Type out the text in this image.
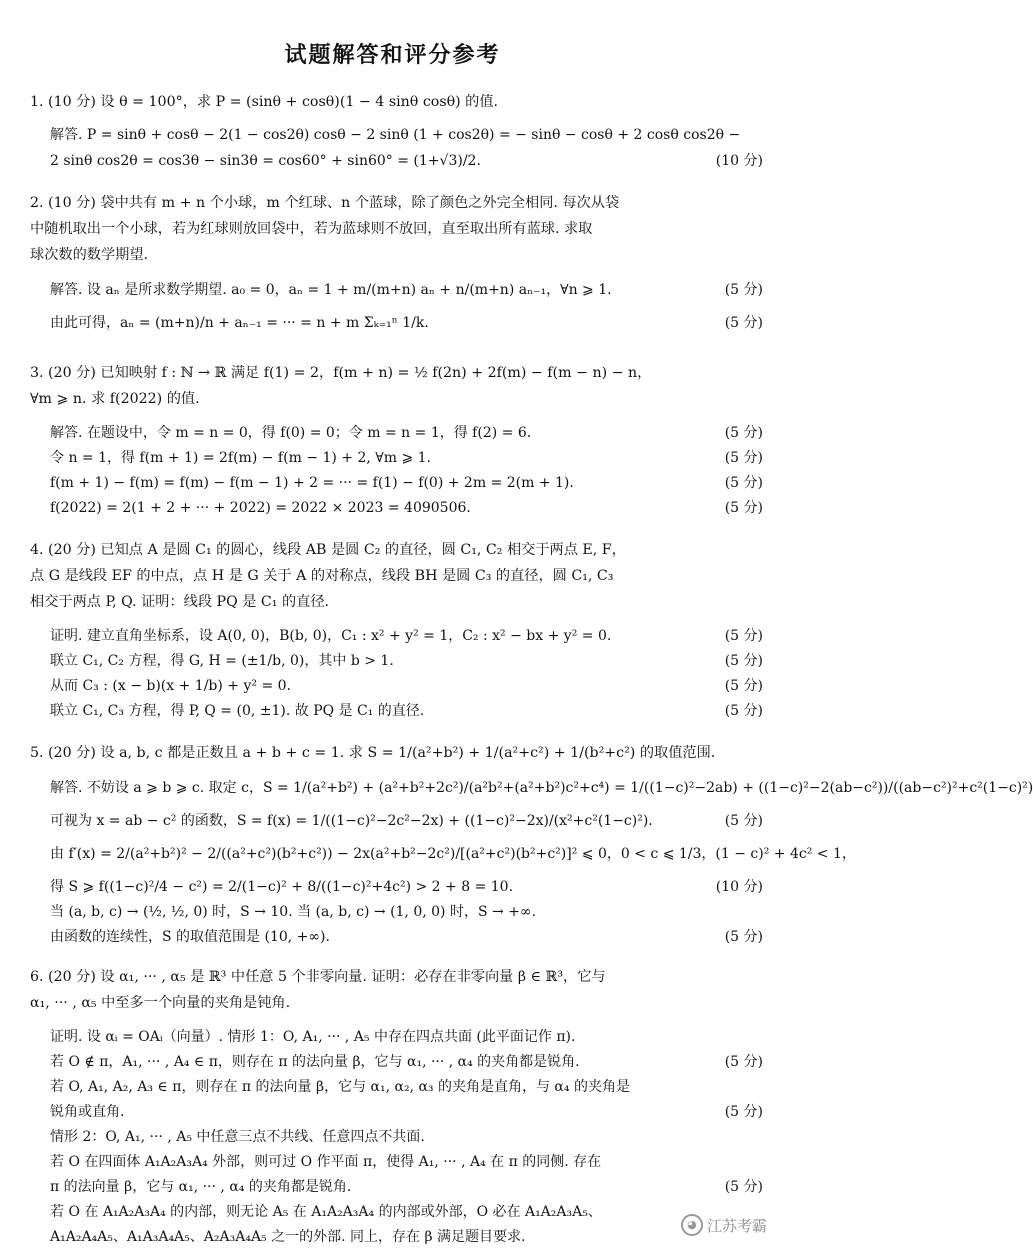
试题解答和评分参考
1. (10 分) 设 θ = 100°，求 P = (sinθ + cosθ)(1 − 4 sinθ cosθ) 的值.
解答. P = sinθ + cosθ − 2(1 − cos2θ) cosθ − 2 sinθ (1 + cos2θ) = − sinθ − cosθ + 2 cosθ cos2θ −
2 sinθ cos2θ = cos3θ − sin3θ = cos60° + sin60° = (1+√3)/2.	(10 分)
2. (10 分) 袋中共有 m + n 个小球，m 个红球、n 个蓝球，除了颜色之外完全相同. 每次从袋
中随机取出一个小球，若为红球则放回袋中，若为蓝球则不放回，直至取出所有蓝球. 求取
球次数的数学期望.
解答. 设 aₙ 是所求数学期望. a₀ = 0，aₙ = 1 + m/(m+n) aₙ + n/(m+n) aₙ₋₁，∀n ⩾ 1.	(5 分)
由此可得，aₙ = (m+n)/n + aₙ₋₁ = ··· = n + m Σₖ₌₁ⁿ 1/k.	(5 分)
3. (20 分) 已知映射 f : ℕ → ℝ 满足 f(1) = 2，f(m + n) = ½ f(2n) + 2f(m) − f(m − n) − n，
∀m ⩾ n. 求 f(2022) 的值.
解答. 在题设中，令 m = n = 0，得 f(0) = 0；令 m = n = 1，得 f(2) = 6.	(5 分)
令 n = 1，得 f(m + 1) = 2f(m) − f(m − 1) + 2, ∀m ⩾ 1.	(5 分)
f(m + 1) − f(m) = f(m) − f(m − 1) + 2 = ··· = f(1) − f(0) + 2m = 2(m + 1).	(5 分)
f(2022) = 2(1 + 2 + ··· + 2022) = 2022 × 2023 = 4090506.	(5 分)
4. (20 分) 已知点 A 是圆 C₁ 的圆心，线段 AB 是圆 C₂ 的直径，圆 C₁, C₂ 相交于两点 E, F，
点 G 是线段 EF 的中点，点 H 是 G 关于 A 的对称点，线段 BH 是圆 C₃ 的直径，圆 C₁, C₃
相交于两点 P, Q. 证明：线段 PQ 是 C₁ 的直径.
证明. 建立直角坐标系，设 A(0, 0)，B(b, 0)，C₁ : x² + y² = 1，C₂ : x² − bx + y² = 0.	(5 分)
联立 C₁, C₂ 方程，得 G, H = (±1/b, 0)，其中 b > 1.	(5 分)
从而 C₃ : (x − b)(x + 1/b) + y² = 0.	(5 分)
联立 C₁, C₃ 方程，得 P, Q = (0, ±1). 故 PQ 是 C₁ 的直径.	(5 分)
5. (20 分) 设 a, b, c 都是正数且 a + b + c = 1. 求 S = 1/(a²+b²) + 1/(a²+c²) + 1/(b²+c²) 的取值范围.
解答. 不妨设 a ⩾ b ⩾ c. 取定 c，S = 1/(a²+b²) + (a²+b²+2c²)/(a²b²+(a²+b²)c²+c⁴) = 1/((1−c)²−2ab) + ((1−c)²−2(ab−c²))/((ab−c²)²+c²(1−c)²)
可视为 x = ab − c² 的函数，S = f(x) = 1/((1−c)²−2c²−2x) + ((1−c)²−2x)/(x²+c²(1−c)²).	(5 分)
由 f′(x) = 2/(a²+b²)² − 2/((a²+c²)(b²+c²)) − 2x(a²+b²−2c²)/[(a²+c²)(b²+c²)]² ⩽ 0，0 < c ⩽ 1/3，(1 − c)² + 4c² < 1，
得 S ⩾ f((1−c)²/4 − c²) = 2/(1−c)² + 8/((1−c)²+4c²) > 2 + 8 = 10.	(10 分)
当 (a, b, c) → (½, ½, 0) 时，S → 10. 当 (a, b, c) → (1, 0, 0) 时，S → +∞.
由函数的连续性，S 的取值范围是 (10, +∞).	(5 分)
6. (20 分) 设 α₁, ··· , α₅ 是 ℝ³ 中任意 5 个非零向量. 证明：必存在非零向量 β ∈ ℝ³，它与
α₁, ··· , α₅ 中至多一个向量的夹角是钝角.
证明. 设 αᵢ = OAᵢ（向量）. 情形 1：O, A₁, ··· , A₅ 中存在四点共面 (此平面记作 π).
若 O ∉ π，A₁, ··· , A₄ ∈ π，则存在 π 的法向量 β，它与 α₁, ··· , α₄ 的夹角都是锐角.	(5 分)
若 O, A₁, A₂, A₃ ∈ π，则存在 π 的法向量 β，它与 α₁, α₂, α₃ 的夹角是直角，与 α₄ 的夹角是
锐角或直角.	(5 分)
情形 2：O, A₁, ··· , A₅ 中任意三点不共线、任意四点不共面.
若 O 在四面体 A₁A₂A₃A₄ 外部，则可过 O 作平面 π，使得 A₁, ··· , A₄ 在 π 的同侧. 存在
π 的法向量 β，它与 α₁, ··· , α₄ 的夹角都是锐角.	(5 分)
若 O 在 A₁A₂A₃A₄ 的内部，则无论 A₅ 在 A₁A₂A₃A₄ 的内部或外部，O 必在 A₁A₂A₃A₅、
A₁A₂A₄A₅、A₁A₃A₄A₅、A₂A₃A₄A₅ 之一的外部. 同上，存在 β 满足题目要求.
◕ 江苏考霸
